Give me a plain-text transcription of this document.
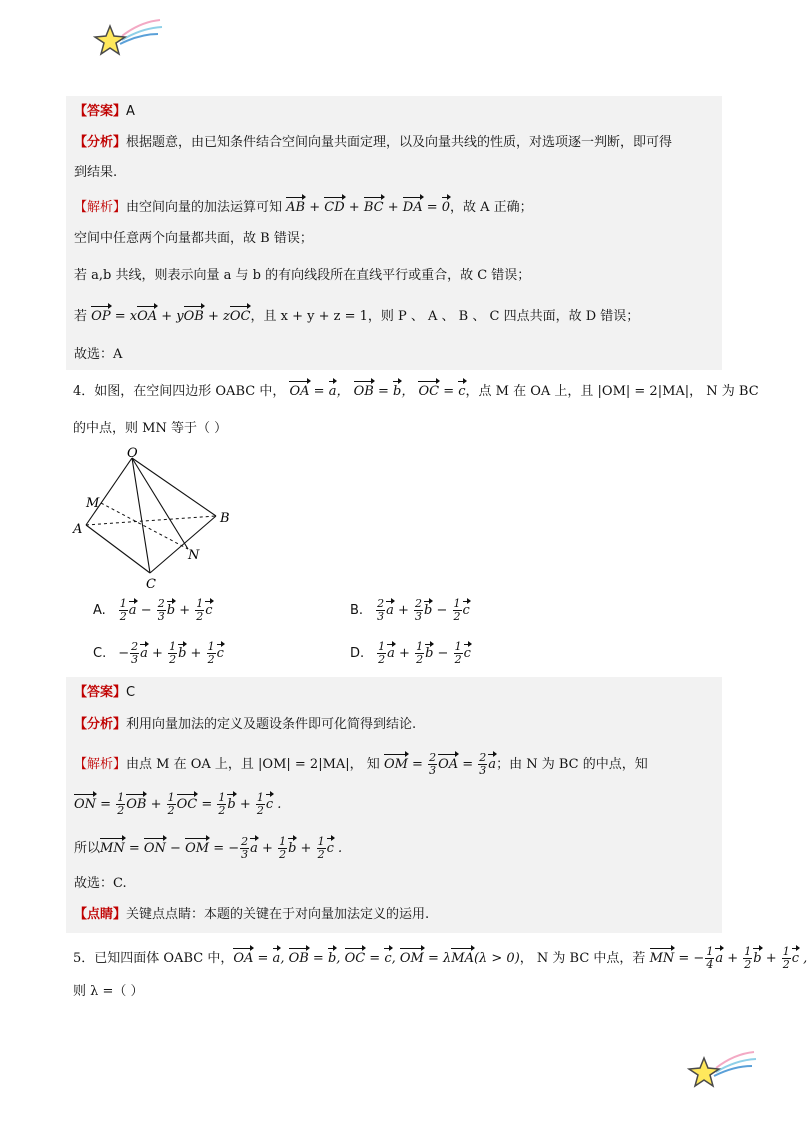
【答案】A
【分析】根据题意，由已知条件结合空间向量共面定理，以及向量共线的性质，对选项逐一判断，即可得
到结果.
【解析】由空间向量的加法运算可知 AB + CD + BC + DA = 0，故 A 正确；
空间中任意两个向量都共面，故 B 错误；
若 a,b 共线，则表示向量 a 与 b 的有向线段所在直线平行或重合，故 C 错误；
若 OP = xOA + yOB + zOC，且 x + y + z = 1，则 P 、 A 、 B 、 C 四点共面，故 D 错误；
故选：A
4．如图，在空间四边形 OABC 中， OA = a， OB = b， OC = c，点 M 在 OA 上，且 |OM| = 2|MA|， N 为 BC
的中点，则 MN 等于（ ）
O
M
A
B
N
C
A. $\frac{1}{2}$ $a - \frac{2}{3}$ $b + \frac{1}{2}$ c	B. $\frac{2}{3}$ $a + \frac{2}{3}$ $b - \frac{1}{2}$ c
C. − $\frac{2}{3}$ $a + \frac{1}{2}$ $b + \frac{1}{2}$ c	D. $\frac{1}{2}$ $a + \frac{1}{2}$ $b - \frac{1}{2}$ c
【答案】C
【分析】利用向量加法的定义及题设条件即可化简得到结论.
【解析】由点 M 在 OA 上，且 |OM| = 2|MA|， 知 OM = $\frac{2}{3}$ OA = $\frac{2}{3}$ a；由 N 为 BC 的中点，知
ON = $\frac{1}{2}$ OB + $\frac{1}{2}$ OC = $\frac{1}{2}$ $b + \frac{1}{2}$ c .
所以MN = ON − OM = − $\frac{2}{3}$ $a + \frac{1}{2}$ $b + \frac{1}{2}$ c .
故选：C.
【点睛】关键点点睛：本题的关键在于对向量加法定义的运用.
5．已知四面体 OABC 中，OA = a, OB = b, OC = c, OM = λMA(λ > 0)， N 为 BC 中点，若 MN = − $\frac{1}{4}$ $a + \frac{1}{2}$ $b + \frac{1}{2}$ c ,
则 λ =（ ）
